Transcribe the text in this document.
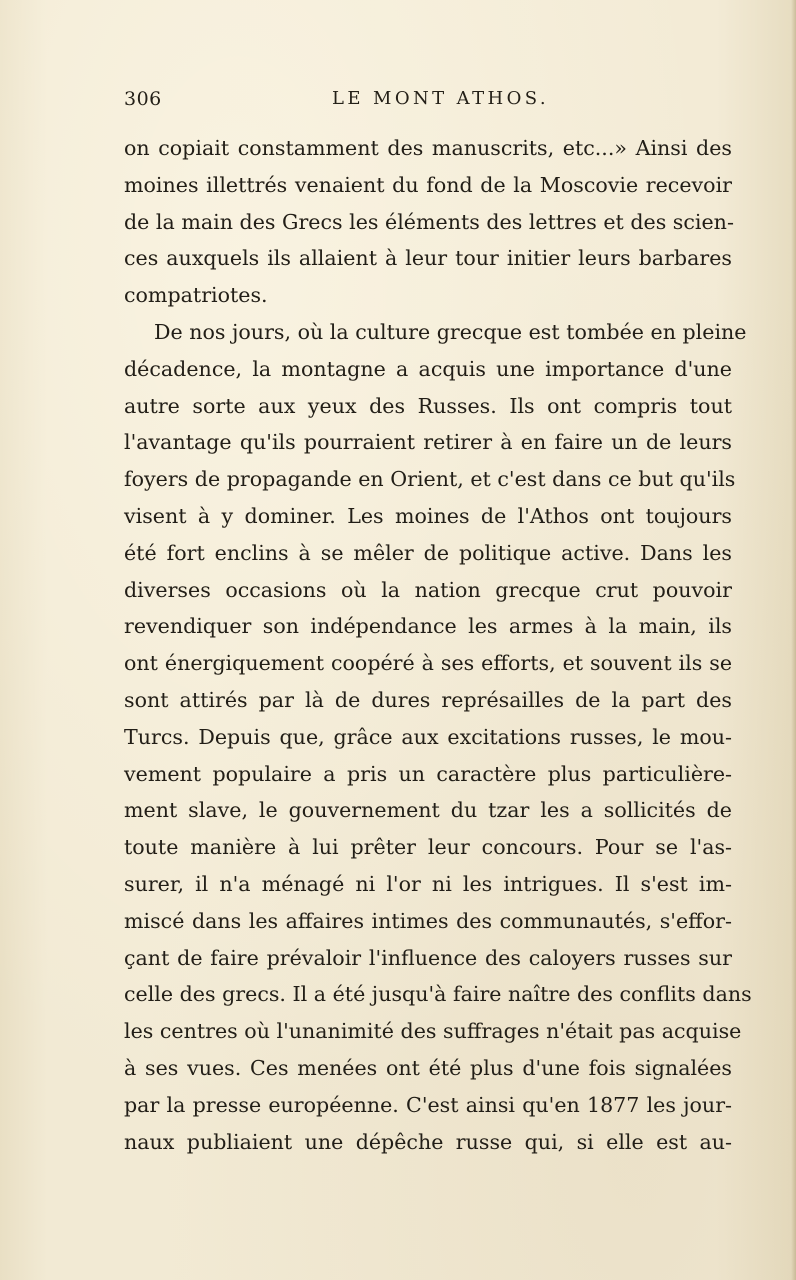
306	LE MONT ATHOS.
on copiait constamment des manuscrits, etc...» Ainsi des
moines illettrés venaient du fond de la Moscovie recevoir
de la main des Grecs les éléments des lettres et des scien-
ces auxquels ils allaient à leur tour initier leurs barbares
compatriotes.
De nos jours, où la culture grecque est tombée en pleine
décadence, la montagne a acquis une importance d'une
autre sorte aux yeux des Russes. Ils ont compris tout
l'avantage qu'ils pourraient retirer à en faire un de leurs
foyers de propagande en Orient, et c'est dans ce but qu'ils
visent à y dominer. Les moines de l'Athos ont toujours
été fort enclins à se mêler de politique active. Dans les
diverses occasions où la nation grecque crut pouvoir
revendiquer son indépendance les armes à la main, ils
ont énergiquement coopéré à ses efforts, et souvent ils se
sont attirés par là de dures représailles de la part des
Turcs. Depuis que, grâce aux excitations russes, le mou-
vement populaire a pris un caractère plus particulière-
ment slave, le gouvernement du tzar les a sollicités de
toute manière à lui prêter leur concours. Pour se l'as-
surer, il n'a ménagé ni l'or ni les intrigues. Il s'est im-
miscé dans les affaires intimes des communautés, s'effor-
çant de faire prévaloir l'influence des caloyers russes sur
celle des grecs. Il a été jusqu'à faire naître des conflits dans
les centres où l'unanimité des suffrages n'était pas acquise
à ses vues. Ces menées ont été plus d'une fois signalées
par la presse européenne. C'est ainsi qu'en 1877 les jour-
naux publiaient une dépêche russe qui, si elle est au-
